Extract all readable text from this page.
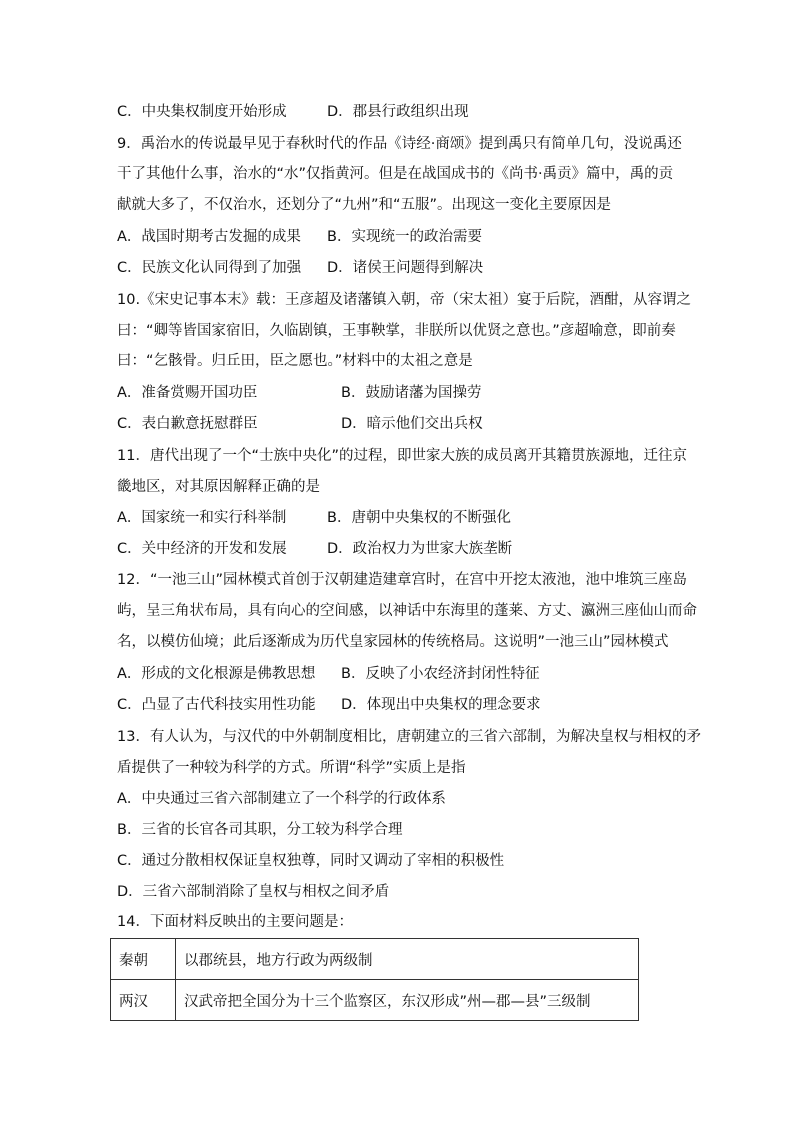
C．中央集权制度开始形成	D．郡县行政组织出现
9．禹治水的传说最早见于春秋时代的作品《诗经·商颂》提到禹只有简单几句，没说禹还
干了其他什么事，治水的“水”仅指黄河。但是在战国成书的《尚书·禹贡》篇中，禹的贡
献就大多了，不仅治水，还划分了“九州”和“五服”。出现这一变化主要原因是
A．战国时期考古发掘的成果 B．实现统一的政治需要
C．民族文化认同得到了加强 D．诸侯王问题得到解决
10.《宋史记事本末》载：王彦超及诸藩镇入朝，帝（宋太祖）宴于后院，酒酣，从容谓之
曰：“卿等皆国家宿旧，久临剧镇，王事鞅掌，非朕所以优贤之意也。”彦超喻意，即前奏
曰：“乞骸骨。归丘田，臣之愿也。”材料中的太祖之意是
A．准备赏赐开国功臣	B．鼓励诸藩为国操劳
C．表白歉意抚慰群臣	D．暗示他们交出兵权
11．唐代出现了一个“士族中央化”的过程，即世家大族的成员离开其籍贯族源地，迁往京
畿地区，对其原因解释正确的是
A．国家统一和实行科举制	B．唐朝中央集权的不断强化
C．关中经济的开发和发展	D．政治权力为世家大族垄断
12．“一池三山”园林模式首创于汉朝建造建章宫时，在宫中开挖太液池，池中堆筑三座岛
屿，呈三角状布局，具有向心的空间感，以神话中东海里的蓬莱、方丈、瀛洲三座仙山而命
名，以模仿仙境；此后逐渐成为历代皇家园林的传统格局。这说明”一池三山”园林模式
A．形成的文化根源是佛教思想 B．反映了小农经济封闭性特征
C．凸显了古代科技实用性功能 D．体现出中央集权的理念要求
13．有人认为，与汉代的中外朝制度相比，唐朝建立的三省六部制，为解决皇权与相权的矛
盾提供了一种较为科学的方式。所谓“科学”实质上是指
A．中央通过三省六部制建立了一个科学的行政体系
B．三省的长官各司其职，分工较为科学合理
C．通过分散相权保证皇权独尊，同时又调动了宰相的积极性
D．三省六部制消除了皇权与相权之间矛盾
14．下面材料反映出的主要问题是：
秦朝	以郡统县，地方行政为两级制
两汉	汉武帝把全国分为十三个监察区，东汉形成”州—郡—县”三级制
